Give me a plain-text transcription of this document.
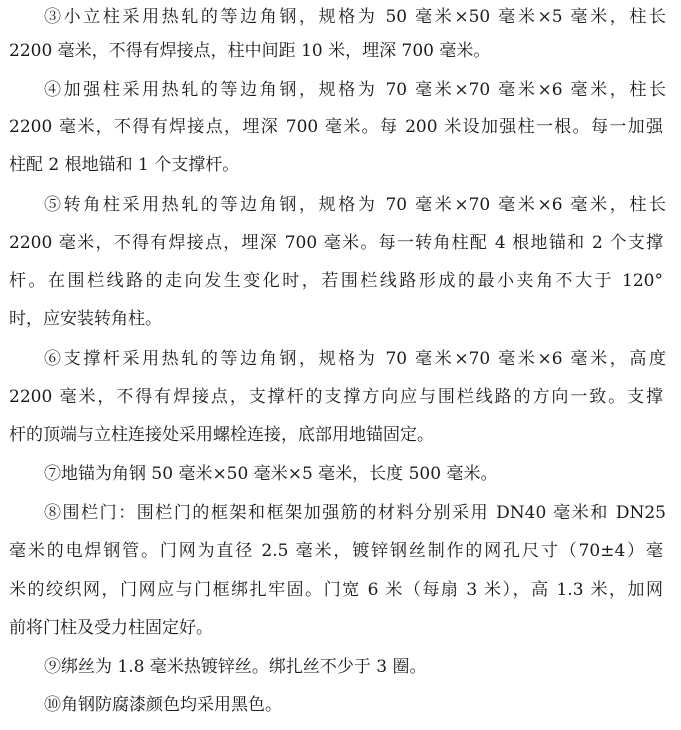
③小立柱采用热轧的等边角钢，规格为 50 毫米×50 毫米×5 毫米，柱长
2200 毫米，不得有焊接点，柱中间距 10 米，埋深 700 毫米。
④加强柱采用热轧的等边角钢，规格为 70 毫米×70 毫米×6 毫米，柱长
2200 毫米，不得有焊接点，埋深 700 毫米。每 200 米设加强柱一根。每一加强
柱配 2 根地锚和 1 个支撑杆。
⑤转角柱采用热轧的等边角钢，规格为 70 毫米×70 毫米×6 毫米，柱长
2200 毫米，不得有焊接点，埋深 700 毫米。每一转角柱配 4 根地锚和 2 个支撑
杆。在围栏线路的走向发生变化时，若围栏线路形成的最小夹角不大于 120°
时，应安装转角柱。
⑥支撑杆采用热轧的等边角钢，规格为 70 毫米×70 毫米×6 毫米，高度
2200 毫米，不得有焊接点，支撑杆的支撑方向应与围栏线路的方向一致。支撑
杆的顶端与立柱连接处采用螺栓连接，底部用地锚固定。
⑦地锚为角钢 50 毫米×50 毫米×5 毫米，长度 500 毫米。
⑧围栏门：围栏门的框架和框架加强筋的材料分别采用 DN40 毫米和 DN25
毫米的电焊钢管。门网为直径 2.5 毫米，镀锌钢丝制作的网孔尺寸（70±4）毫
米的绞织网，门网应与门框绑扎牢固。门宽 6 米（每扇 3 米），高 1.3 米，加网
前将门柱及受力柱固定好。
⑨绑丝为 1.8 毫米热镀锌丝。绑扎丝不少于 3 圈。
⑩角钢防腐漆颜色均采用黑色。
